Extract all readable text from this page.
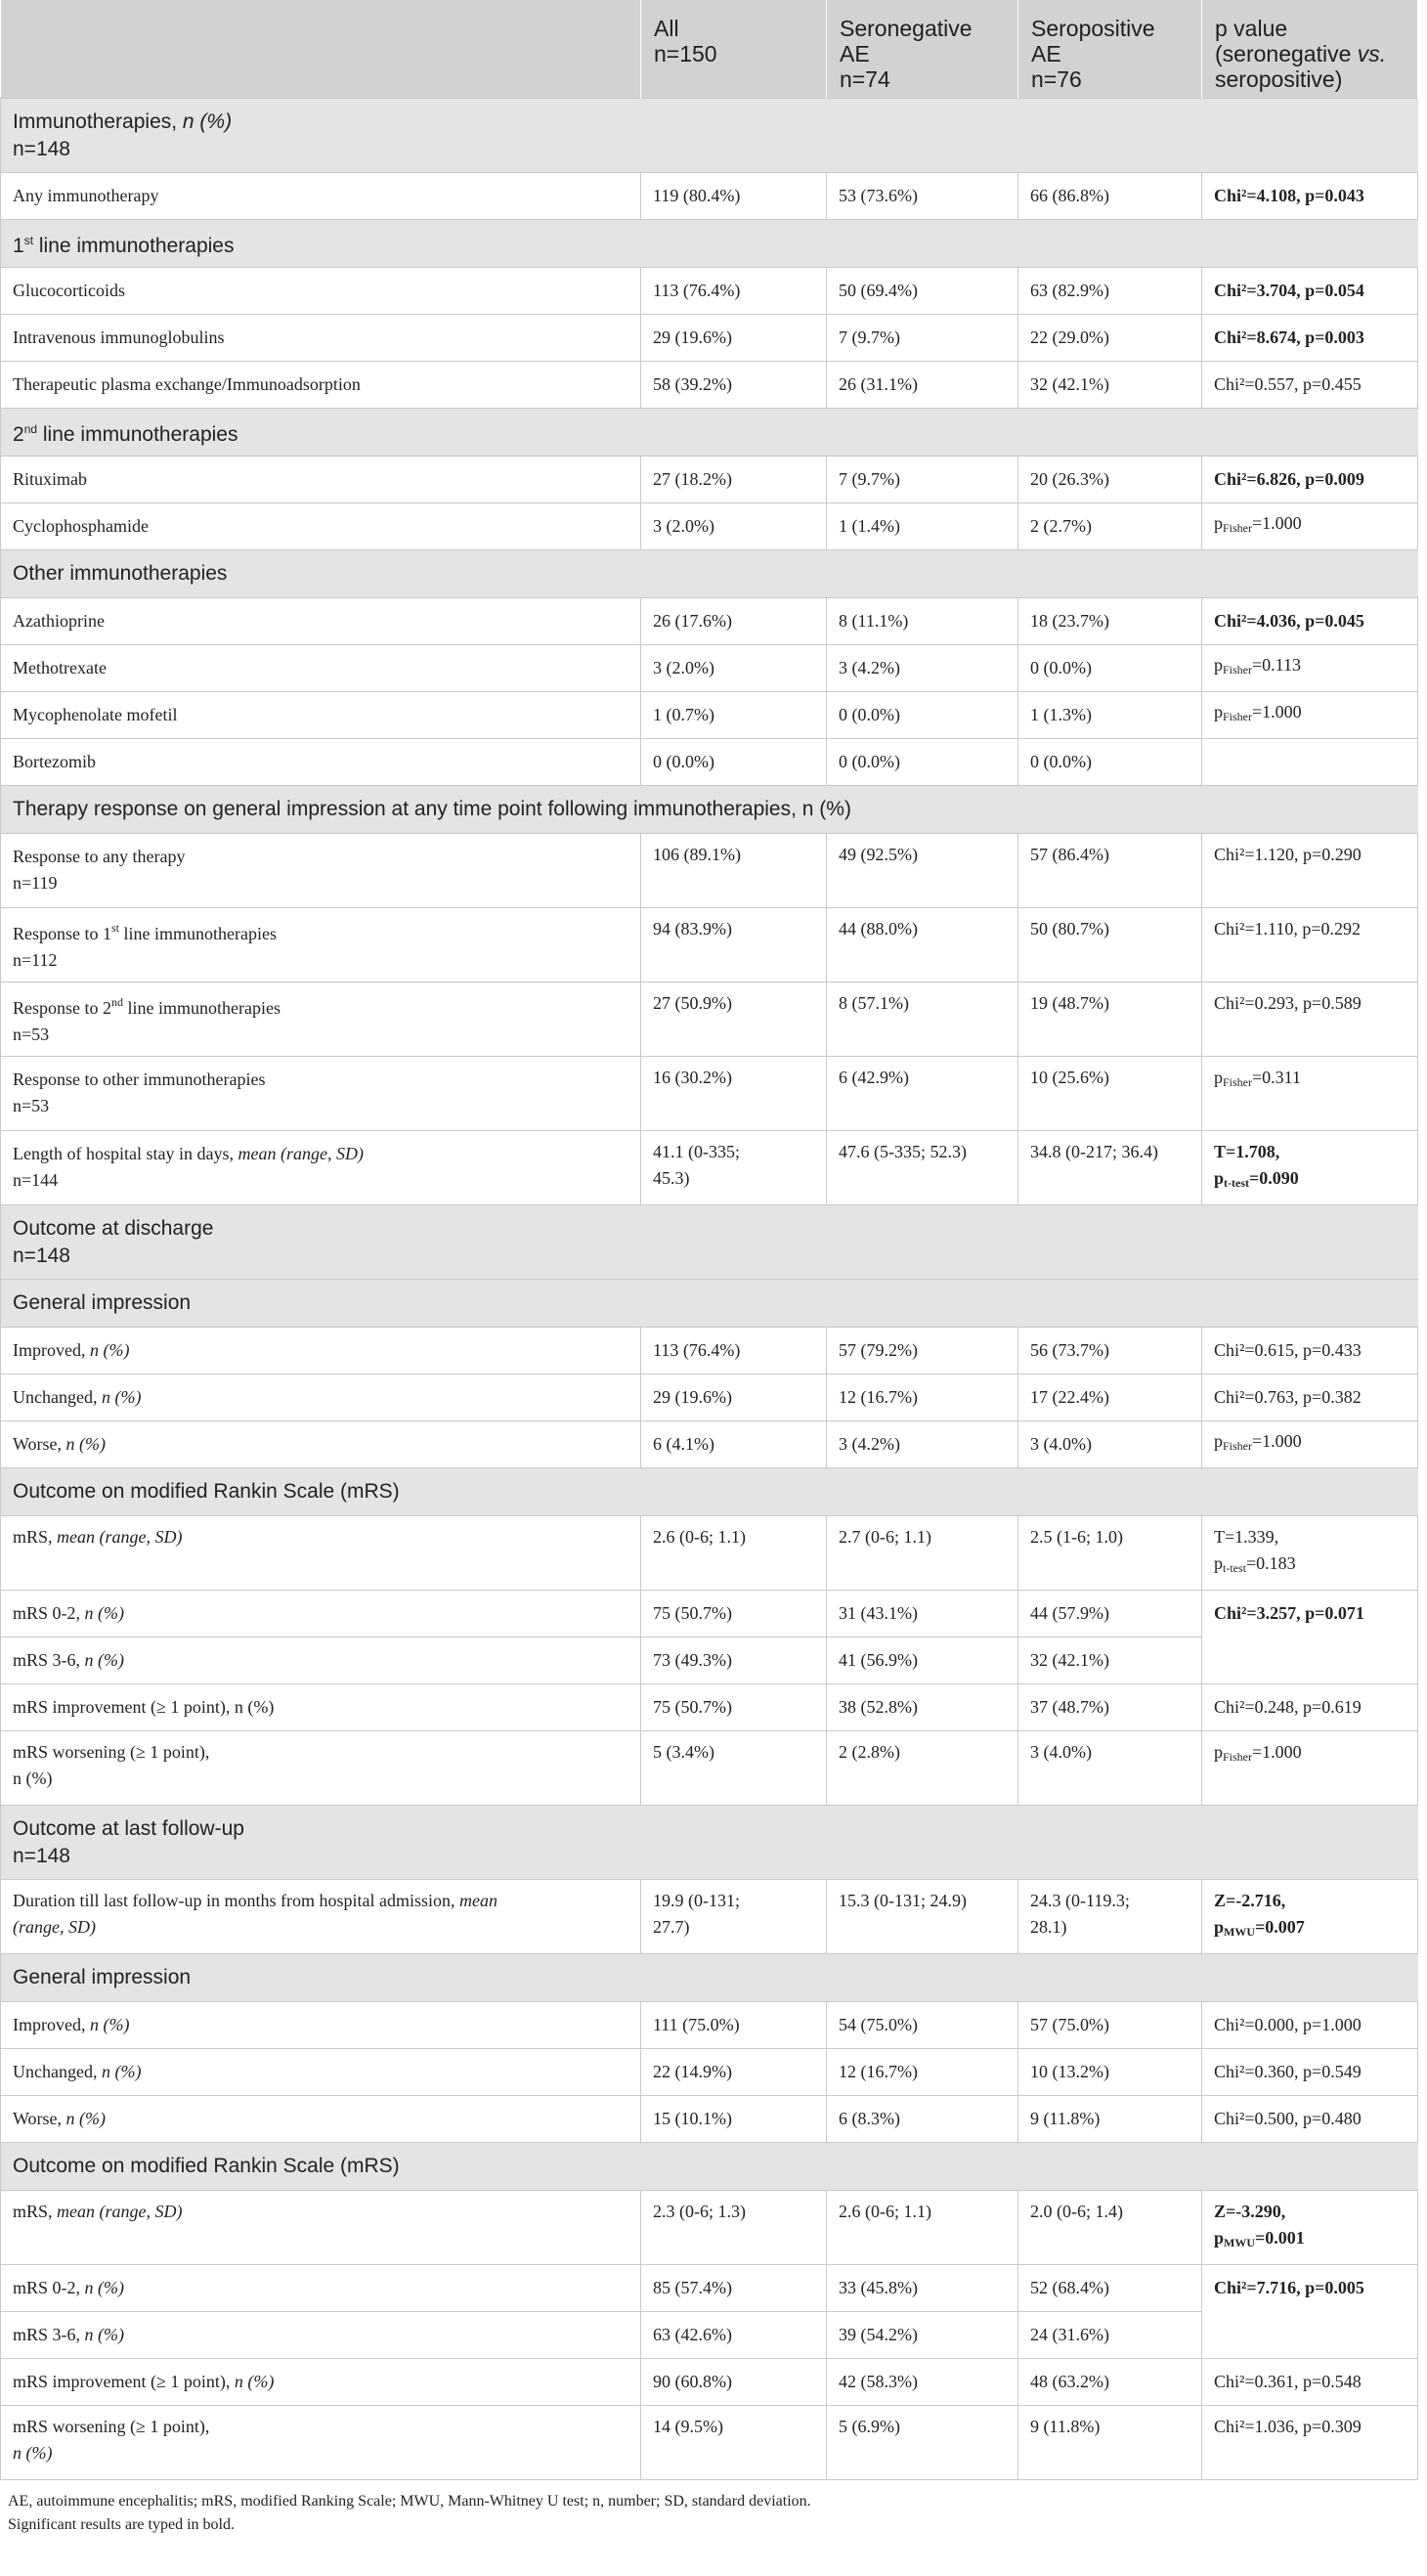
	All
n=150	Seronegative
AE
n=74	Seropositive
AE
n=76	p value
(seronegative vs.
seropositive)
Immunotherapies, n (%)
n=148				
Any immunotherapy	119 (80.4%)	53 (73.6%)	66 (86.8%)	Chi²=4.108, p=0.043
1st line immunotherapies				
Glucocorticoids	113 (76.4%)	50 (69.4%)	63 (82.9%)	Chi²=3.704, p=0.054
Intravenous immunoglobulins	29 (19.6%)	7 (9.7%)	22 (29.0%)	Chi²=8.674, p=0.003
Therapeutic plasma exchange/Immunoadsorption	58 (39.2%)	26 (31.1%)	32 (42.1%)	Chi²=0.557, p=0.455
2nd line immunotherapies				
Rituximab	27 (18.2%)	7 (9.7%)	20 (26.3%)	Chi²=6.826, p=0.009
Cyclophosphamide	3 (2.0%)	1 (1.4%)	2 (2.7%)	$p_{Fisher}=1.000$
Other immunotherapies				
Azathioprine	26 (17.6%)	8 (11.1%)	18 (23.7%)	Chi²=4.036, p=0.045
Methotrexate	3 (2.0%)	3 (4.2%)	0 (0.0%)	$p_{Fisher}=0.113$
Mycophenolate mofetil	1 (0.7%)	0 (0.0%)	1 (1.3%)	$p_{Fisher}=1.000$
Bortezomib	0 (0.0%)	0 (0.0%)	0 (0.0%)	
Therapy response on general impression at any time point following immunotherapies, n (%)				
Response to any therapy
n=119	106 (89.1%)	49 (92.5%)	57 (86.4%)	Chi²=1.120, p=0.290
Response to 1st line immunotherapies
n=112	94 (83.9%)	44 (88.0%)	50 (80.7%)	Chi²=1.110, p=0.292
Response to 2nd line immunotherapies
n=53	27 (50.9%)	8 (57.1%)	19 (48.7%)	Chi²=0.293, p=0.589
Response to other immunotherapies
n=53	16 (30.2%)	6 (42.9%)	10 (25.6%)	$p_{Fisher}=0.311$
Length of hospital stay in days, mean (range, SD)
n=144	41.1 (0-335;
45.3)	47.6 (5-335; 52.3)	34.8 (0-217; 36.4)	T=1.708,
$p_{t-test}=0.090$
Outcome at discharge
n=148				
General impression				
Improved, n (%)	113 (76.4%)	57 (79.2%)	56 (73.7%)	Chi²=0.615, p=0.433
Unchanged, n (%)	29 (19.6%)	12 (16.7%)	17 (22.4%)	Chi²=0.763, p=0.382
Worse, n (%)	6 (4.1%)	3 (4.2%)	3 (4.0%)	$p_{Fisher}=1.000$
Outcome on modified Rankin Scale (mRS)				
mRS, mean (range, SD)	2.6 (0-6; 1.1)	2.7 (0-6; 1.1)	2.5 (1-6; 1.0)	T=1.339,
$p_{t-test}=0.183$
mRS 0-2, n (%)	75 (50.7%)	31 (43.1%)	44 (57.9%)	Chi²=3.257, p=0.071
mRS 3-6, n (%)	73 (49.3%)	41 (56.9%)	32 (42.1%)	
mRS improvement (≥ 1 point), n (%)	75 (50.7%)	38 (52.8%)	37 (48.7%)	Chi²=0.248, p=0.619
mRS worsening (≥ 1 point),
n (%)	5 (3.4%)	2 (2.8%)	3 (4.0%)	$p_{Fisher}=1.000$
Outcome at last follow-up
n=148				
Duration till last follow-up in months from hospital admission, mean
(range, SD)	19.9 (0-131;
27.7)	15.3 (0-131; 24.9)	24.3 (0-119.3;
28.1)	Z=-2.716,
$p_{MWU}=0.007$
General impression				
Improved, n (%)	111 (75.0%)	54 (75.0%)	57 (75.0%)	Chi²=0.000, p=1.000
Unchanged, n (%)	22 (14.9%)	12 (16.7%)	10 (13.2%)	Chi²=0.360, p=0.549
Worse, n (%)	15 (10.1%)	6 (8.3%)	9 (11.8%)	Chi²=0.500, p=0.480
Outcome on modified Rankin Scale (mRS)				
mRS, mean (range, SD)	2.3 (0-6; 1.3)	2.6 (0-6; 1.1)	2.0 (0-6; 1.4)	Z=-3.290,
$p_{MWU}=0.001$
mRS 0-2, n (%)	85 (57.4%)	33 (45.8%)	52 (68.4%)	Chi²=7.716, p=0.005
mRS 3-6, n (%)	63 (42.6%)	39 (54.2%)	24 (31.6%)	
mRS improvement (≥ 1 point), n (%)	90 (60.8%)	42 (58.3%)	48 (63.2%)	Chi²=0.361, p=0.548
mRS worsening (≥ 1 point),
n (%)	14 (9.5%)	5 (6.9%)	9 (11.8%)	Chi²=1.036, p=0.309
AE, autoimmune encephalitis; mRS, modified Ranking Scale; MWU, Mann-Whitney U test; n, number; SD, standard deviation.
Significant results are typed in bold.
